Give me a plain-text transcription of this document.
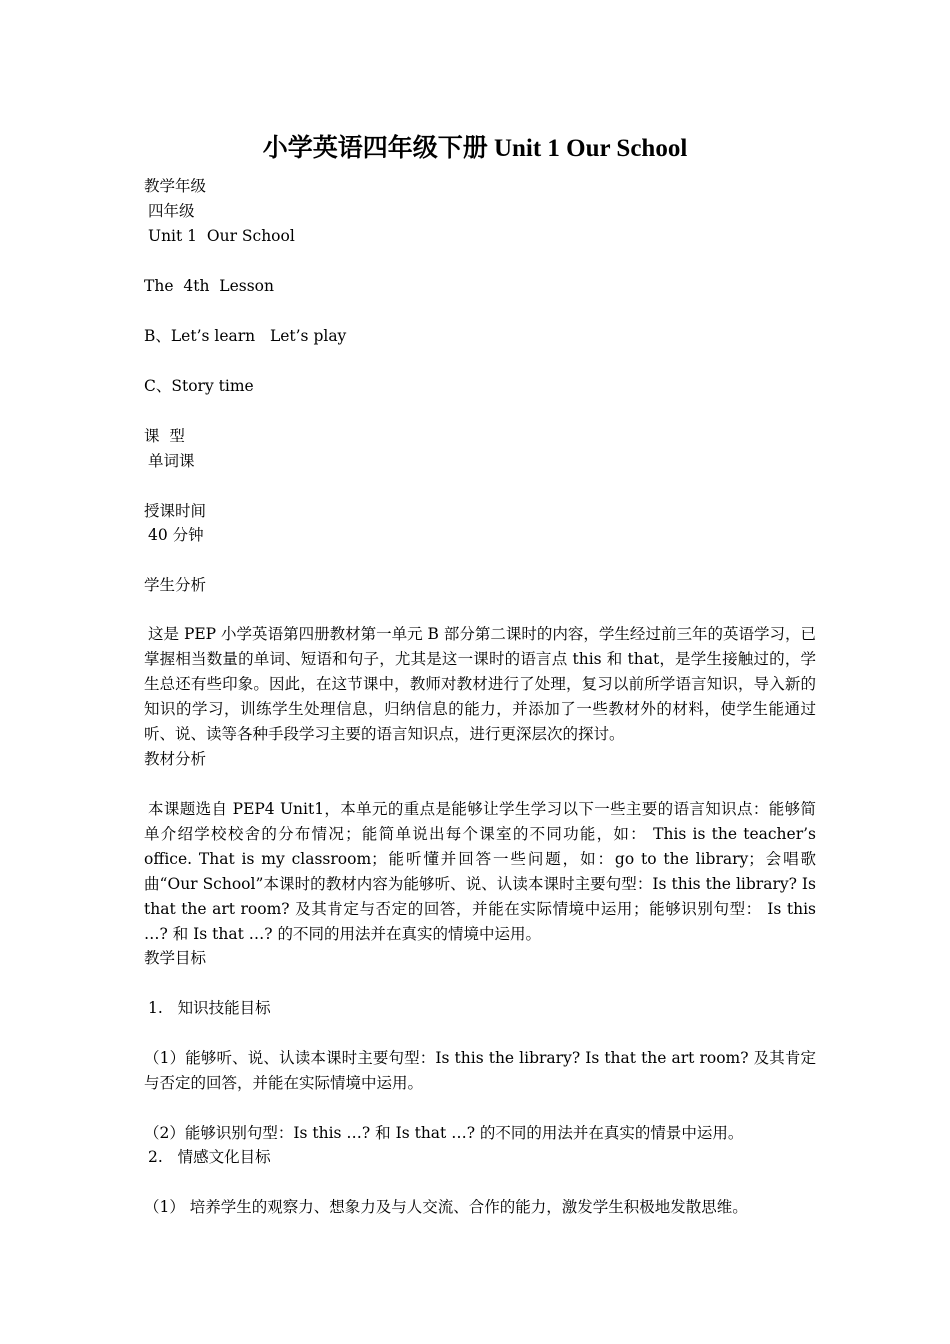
小学英语四年级下册 Unit 1 Our School
教学年级
四年级
Unit 1  Our School
The  4th  Lesson
B、Let’s learn   Let’s play
C、Story time
课  型
单词课
授课时间
40 分钟
学生分析
这是 PEP 小学英语第四册教材第一单元 B 部分第二课时的内容，学生经过前三年的英语学习，已掌握相当数量的单词、短语和句子，尤其是这一课时的语言点 this 和 that，是学生接触过的，学生总还有些印象。因此，在这节课中，教师对教材进行了处理，复习以前所学语言知识，导入新的知识的学习，训练学生处理信息，归纳信息的能力，并添加了一些教材外的材料，使学生能通过听、说、读等各种手段学习主要的语言知识点，进行更深层次的探讨。
教材分析
本课题选自 PEP4 Unit1，本单元的重点是能够让学生学习以下一些主要的语言知识点：能够简单介绍学校校舍的分布情况；能简单说出每个课室的不同功能，如： This is the teacher’s office. That is my classroom；能听懂并回答一些问题，如：go to the library；会唱歌曲“Our School”本课时的教材内容为能够听、说、认读本课时主要句型：Is this the library? Is that the art room? 及其肯定与否定的回答，并能在实际情境中运用；能够识别句型： Is this …? 和 Is that …? 的不同的用法并在真实的情境中运用。
教学目标
1.   知识技能目标
（1）能够听、说、认读本课时主要句型：Is this the library? Is that the art room? 及其肯定与否定的回答，并能在实际情境中运用。
（2）能够识别句型：Is this …? 和 Is that …? 的不同的用法并在真实的情景中运用。
2.   情感文化目标
（1） 培养学生的观察力、想象力及与人交流、合作的能力，激发学生积极地发散思维。
